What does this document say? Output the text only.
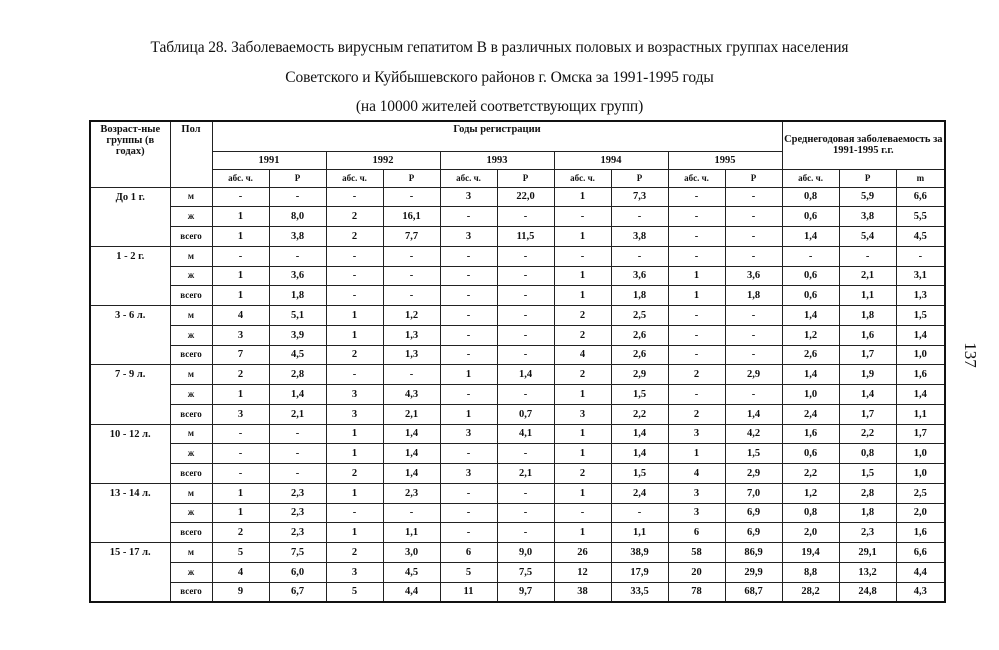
Таблица 28. Заболеваемость вирусным гепатитом В в различных половых и возрастных группах населения
Советского и Куйбышевского районов г. Омска за 1991-1995 годы
(на 10000 жителей соответствующих групп)
Возраст-ные группы (в годах)	Пол	Годы регистрации										Среднегодовая заболеваемость за 1991-1995 г.г.		
		1991		1992		1993		1994		1995				
		абс. ч.	Р	абс. ч.	Р	абс. ч.	Р	абс. ч.	Р	абс. ч.	Р	абс. ч.	Р	m
До 1 г.	м	-	-	-	-	3	22,0	1	7,3	-	-	0,8	5,9	6,6
	ж	1	8,0	2	16,1	-	-	-	-	-	-	0,6	3,8	5,5
	всего	1	3,8	2	7,7	3	11,5	1	3,8	-	-	1,4	5,4	4,5
1 - 2 г.	м	-	-	-	-	-	-	-	-	-	-	-	-	-
	ж	1	3,6	-	-	-	-	1	3,6	1	3,6	0,6	2,1	3,1
	всего	1	1,8	-	-	-	-	1	1,8	1	1,8	0,6	1,1	1,3
3 - 6 л.	м	4	5,1	1	1,2	-	-	2	2,5	-	-	1,4	1,8	1,5
	ж	3	3,9	1	1,3	-	-	2	2,6	-	-	1,2	1,6	1,4
	всего	7	4,5	2	1,3	-	-	4	2,6	-	-	2,6	1,7	1,0
7 - 9 л.	м	2	2,8	-	-	1	1,4	2	2,9	2	2,9	1,4	1,9	1,6
	ж	1	1,4	3	4,3	-	-	1	1,5	-	-	1,0	1,4	1,4
	всего	3	2,1	3	2,1	1	0,7	3	2,2	2	1,4	2,4	1,7	1,1
10 - 12 л.	м	-	-	1	1,4	3	4,1	1	1,4	3	4,2	1,6	2,2	1,7
	ж	-	-	1	1,4	-	-	1	1,4	1	1,5	0,6	0,8	1,0
	всего	-	-	2	1,4	3	2,1	2	1,5	4	2,9	2,2	1,5	1,0
13 - 14 л.	м	1	2,3	1	2,3	-	-	1	2,4	3	7,0	1,2	2,8	2,5
	ж	1	2,3	-	-	-	-	-	-	3	6,9	0,8	1,8	2,0
	всего	2	2,3	1	1,1	-	-	1	1,1	6	6,9	2,0	2,3	1,6
15 - 17 л.	м	5	7,5	2	3,0	6	9,0	26	38,9	58	86,9	19,4	29,1	6,6
	ж	4	6,0	3	4,5	5	7,5	12	17,9	20	29,9	8,8	13,2	4,4
	всего	9	6,7	5	4,4	11	9,7	38	33,5	78	68,7	28,2	24,8	4,3
137
